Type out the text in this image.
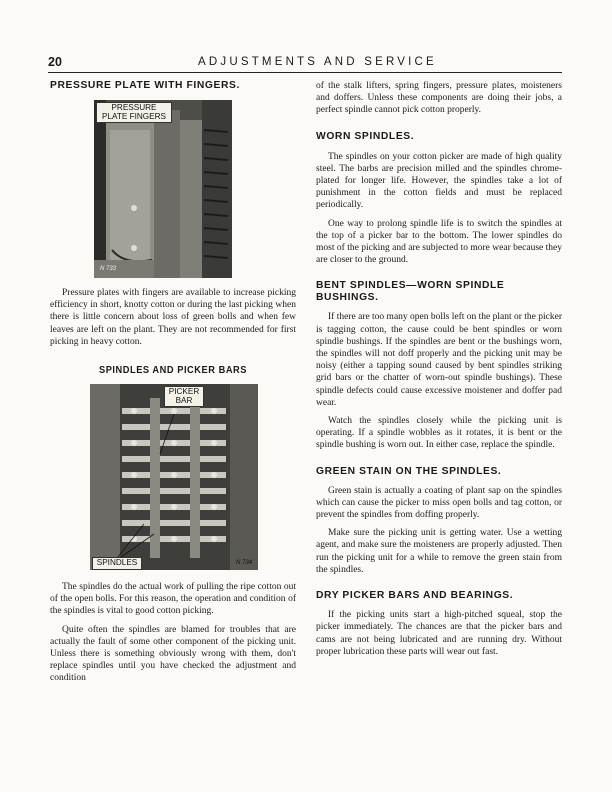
20	ADJUSTMENTS AND SERVICE
PRESSURE PLATE WITH FINGERS.
PRESSURE
PLATE FINGERS
N 733

Pressure plates with fingers are available to increase picking efficiency in short, knotty cotton or during the last picking when there is little concern about loss of green bolls and when few leaves are left on the plant. They are not recommended for first picking in heavy cotton.

SPINDLES AND PICKER BARS
PICKER
BAR
SPINDLES	N 734

The spindles do the actual work of pulling the ripe cotton out of the open bolls. For this reason, the operation and condition of the spindles is vital to good cotton picking.

Quite often the spindles are blamed for troubles that are actually the fault of some other component of the picking unit. Unless there is something obviously wrong with them, don't replace spindles until you have checked the adjustment and condition

of the stalk lifters, spring fingers, pressure plates, moisteners and doffers. Unless these components are doing their jobs, a perfect spindle cannot pick cotton properly.

WORN SPINDLES.

The spindles on your cotton picker are made of high quality steel. The barbs are precision milled and the spindles chrome-plated for longer life. However, the spindles take a lot of punishment in the cotton fields and must be replaced periodically.

One way to prolong spindle life is to switch the spindles at the top of a picker bar to the bottom. The lower spindles do most of the picking and are subjected to more wear because they are closer to the ground.

BENT SPINDLES—WORN SPINDLE BUSHINGS.

If there are too many open bolls left on the plant or the picker is tagging cotton, the cause could be bent spindles or worn spindle bushings. If the spindles are bent or the bushings worn, the spindles will not doff properly and the picking unit may be noisy (either a tapping sound caused by bent spindles striking grid bars or the chatter of worn-out spindle bushings). These spindle defects could cause excessive moistener and doffer pad wear.

Watch the spindles closely while the picking unit is operating. If a spindle wobbles as it rotates, it is bent or the spindle bushing is worn out. In either case, replace the spindle.

GREEN STAIN ON THE SPINDLES.

Green stain is actually a coating of plant sap on the spindles which can cause the picker to miss open bolls and tag cotton, or prevent the spindles from doffing properly.

Make sure the picking unit is getting water. Use a wetting agent, and make sure the moisteners are properly adjusted. Then run the picking unit for a while to remove the green stain from the spindles.

DRY PICKER BARS AND BEARINGS.

If the picking units start a high-pitched squeal, stop the picker immediately. The chances are that the picker bars and cams are not being lubricated and are running dry. Without proper lubrication these parts will wear out fast.
